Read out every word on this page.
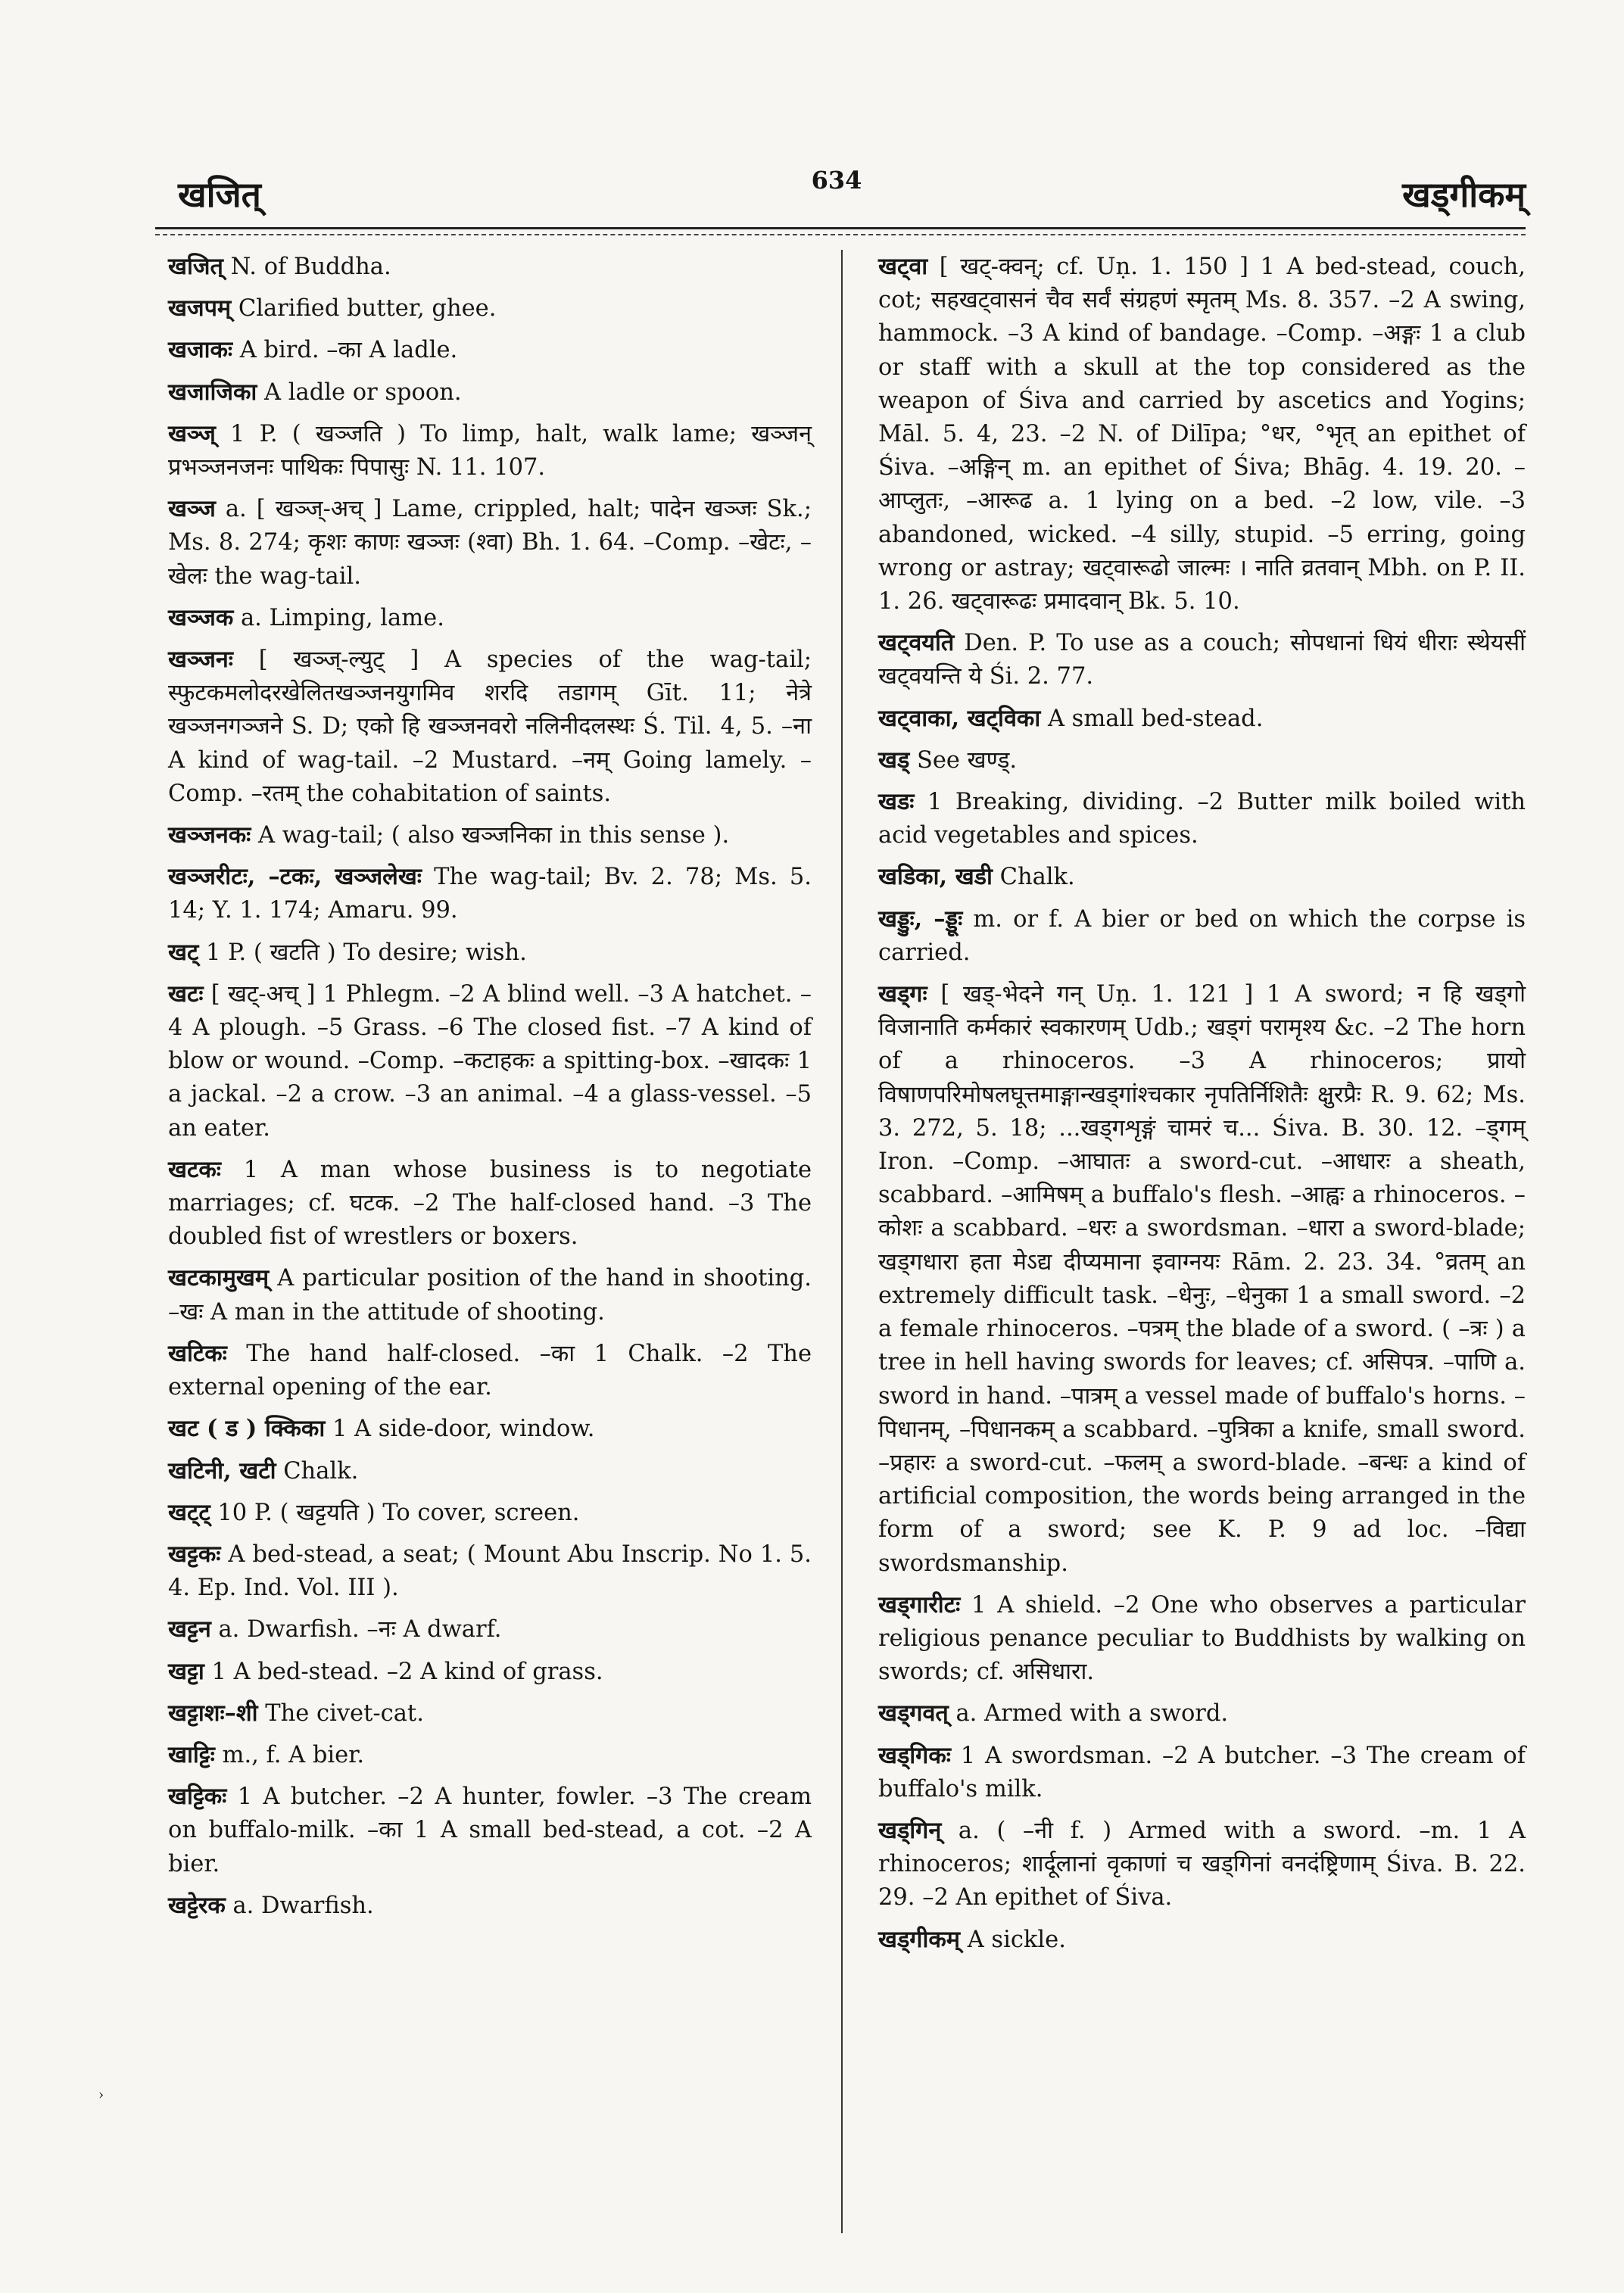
खजित्	634	खड्गीकम्

खजित् N. of Buddha.

खजपम् Clarified butter, ghee.

खजाकः A bird. –का A ladle.

खजाजिका A ladle or spoon.

खञ्ज् 1 P. ( खञ्जति ) To limp, halt, walk lame; खञ्जन् प्रभञ्जनजनः पाथिकः पिपासुः N. 11. 107.

खञ्ज a. [ खञ्ज्-अच् ] Lame, crippled, halt; पादेन खञ्जः Sk.; Ms. 8. 274; कृशः काणः खञ्जः (श्वा) Bh. 1. 64. –Comp. –खेटः, –खेलः the wag-tail.

खञ्जक a. Limping, lame.

खञ्जनः [ खञ्ज्-ल्युट् ] A species of the wag-tail; स्फुटकमलोदरखेलितखञ्जनयुगमिव शरदि तडागम् Gīt. 11; नेत्रे खञ्जनगञ्जने S. D; एको हि खञ्जनवरो नलिनीदलस्थः Ś. Til. 4, 5. –ना A kind of wag-tail. –2 Mustard. –नम् Going lamely. –Comp. –रतम् the cohabitation of saints.

खञ्जनकः A wag-tail; ( also खञ्जनिका in this sense ).

खञ्जरीटः, –टकः, खञ्जलेखः The wag-tail; Bv. 2. 78; Ms. 5. 14; Y. 1. 174; Amaru. 99.

खट् 1 P. ( खटति ) To desire; wish.

खटः [ खट्-अच् ] 1 Phlegm. –2 A blind well. –3 A hatchet. –4 A plough. –5 Grass. –6 The closed fist. –7 A kind of blow or wound. –Comp. –कटाहकः a spitting-box. –खादकः 1 a jackal. –2 a crow. –3 an animal. –4 a glass-vessel. –5 an eater.

खटकः 1 A man whose business is to negotiate marriages; cf. घटक. –2 The half-closed hand. –3 The doubled fist of wrestlers or boxers.

खटकामुखम् A particular position of the hand in shooting. –खः A man in the attitude of shooting.

खटिकः The hand half-closed. –का 1 Chalk. –2 The external opening of the ear.

खट ( ड ) क्किका 1 A side-door, window.

खटिनी, खटी Chalk.

खट्ट् 10 P. ( खट्टयति ) To cover, screen.

खट्टकः A bed-stead, a seat; ( Mount Abu Inscrip. No 1. 5. 4. Ep. Ind. Vol. III ).

खट्टन a. Dwarfish. –नः A dwarf.

खट्टा 1 A bed-stead. –2 A kind of grass.

खट्टाशः–शी The civet-cat.

खाट्टिः m., f. A bier.

खट्टिकः 1 A butcher. –2 A hunter, fowler. –3 The cream on buffalo-milk. –का 1 A small bed-stead, a cot. –2 A bier.

खट्टेरक a. Dwarfish.

खट्वा [ खट्-क्वन्; cf. Uṇ. 1. 150 ] 1 A bed-stead, couch, cot; सहखट्वासनं चैव सर्वं संग्रहणं स्मृतम् Ms. 8. 357. –2 A swing, hammock. –3 A kind of bandage. –Comp. –अङ्गः 1 a club or staff with a skull at the top considered as the weapon of Śiva and carried by ascetics and Yogins; Māl. 5. 4, 23. –2 N. of Dilīpa; °धर, °भृत् an epithet of Śiva. –अङ्गिन् m. an epithet of Śiva; Bhāg. 4. 19. 20. –आप्लुतः, –आरूढ a. 1 lying on a bed. –2 low, vile. –3 abandoned, wicked. –4 silly, stupid. –5 erring, going wrong or astray; खट्वारूढो जाल्मः । नाति व्रतवान् Mbh. on P. II. 1. 26. खट्वारूढः प्रमादवान् Bk. 5. 10.

खट्वयति Den. P. To use as a couch; सोपधानां धियं धीराः स्थेयसीं खट्वयन्ति ये Śi. 2. 77.

खट्वाका, खट्विका A small bed-stead.

खड् See खण्ड्.

खडः 1 Breaking, dividing. –2 Butter milk boiled with acid vegetables and spices.

खडिका, खडी Chalk.

खड्डुः, –ड्डूः m. or f. A bier or bed on which the corpse is carried.

खड्गः [ खड्-भेदने गन् Uṇ. 1. 121 ] 1 A sword; न हि खड्गो विजानाति कर्मकारं स्वकारणम् Udb.; खड्गं परामृश्य &c. –2 The horn of a rhinoceros. –3 A rhinoceros; प्रायो विषाणपरिमोषलघूत्तमाङ्गान्खड्गांश्चकार नृपतिर्निशितैः क्षुरप्रैः R. 9. 62; Ms. 3. 272, 5. 18; ...खड्गशृङ्गं चामरं च... Śiva. B. 30. 12. –ड्गम् Iron. –Comp. –आघातः a sword-cut. –आधारः a sheath, scabbard. –आमिषम् a buffalo's flesh. –आह्वः a rhinoceros. –कोशः a scabbard. –धरः a swordsman. –धारा a sword-blade; खड्गधारा हता मेऽद्य दीप्यमाना इवाग्नयः Rām. 2. 23. 34. °व्रतम् an extremely difficult task. –धेनुः, –धेनुका 1 a small sword. –2 a female rhinoceros. –पत्रम् the blade of a sword. ( –त्रः ) a tree in hell having swords for leaves; cf. असिपत्र. –पाणि a. sword in hand. –पात्रम् a vessel made of buffalo's horns. –पिधानम्, –पिधानकम् a scabbard. –पुत्रिका a knife, small sword. –प्रहारः a sword-cut. –फलम् a sword-blade. –बन्धः a kind of artificial composition, the words being arranged in the form of a sword; see K. P. 9 ad loc. –विद्या swordsmanship.

खड्गारीटः 1 A shield. –2 One who observes a particular religious penance peculiar to Buddhists by walking on swords; cf. असिधारा.

खड्गवत् a. Armed with a sword.

खड्गिकः 1 A swordsman. –2 A butcher. –3 The cream of buffalo's milk.

खड्गिन् a. ( –नी f. ) Armed with a sword. –m. 1 A rhinoceros; शार्दूलानां वृकाणां च खड्गिनां वनदंष्ट्रिणाम् Śiva. B. 22. 29. –2 An epithet of Śiva.

खड्गीकम् A sickle.

›
